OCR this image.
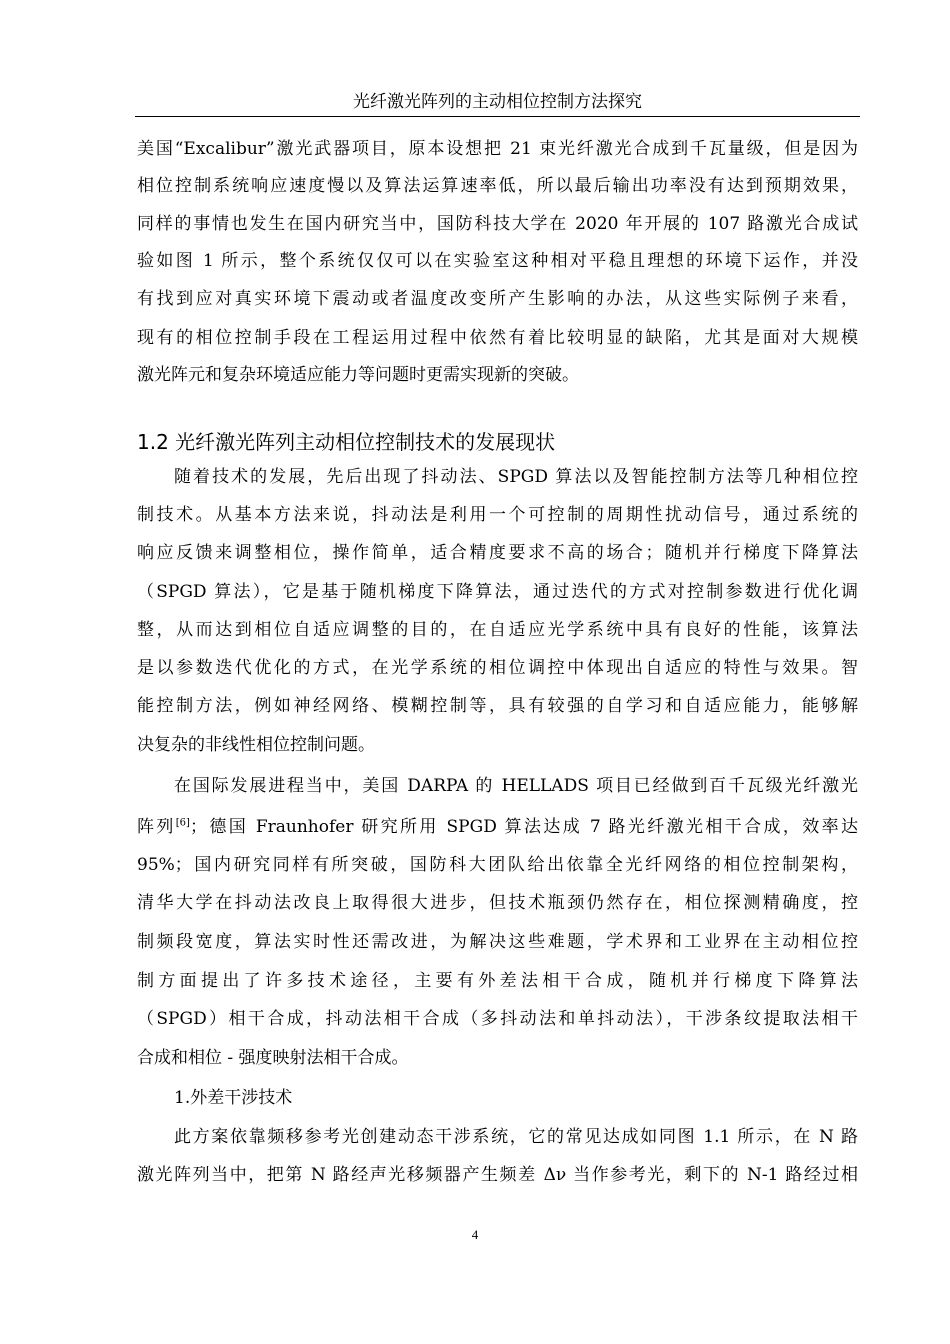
光纤激光阵列的主动相位控制方法探究
美国“Excalibur”激光武器项目，原本设想把 21 束光纤激光合成到千瓦量级，但是因为
相位控制系统响应速度慢以及算法运算速率低，所以最后输出功率没有达到预期效果，
同样的事情也发生在国内研究当中，国防科技大学在 2020 年开展的 107 路激光合成试
验如图 1 所示，整个系统仅仅可以在实验室这种相对平稳且理想的环境下运作，并没
有找到应对真实环境下震动或者温度改变所产生影响的办法，从这些实际例子来看，
现有的相位控制手段在工程运用过程中依然有着比较明显的缺陷，尤其是面对大规模
激光阵元和复杂环境适应能力等问题时更需实现新的突破。
1.2 光纤激光阵列主动相位控制技术的发展现状
随着技术的发展，先后出现了抖动法、SPGD 算法以及智能控制方法等几种相位控
制技术。从基本方法来说，抖动法是利用一个可控制的周期性扰动信号，通过系统的
响应反馈来调整相位，操作简单，适合精度要求不高的场合；随机并行梯度下降算法
（SPGD 算法），它是基于随机梯度下降算法，通过迭代的方式对控制参数进行优化调
整，从而达到相位自适应调整的目的，在自适应光学系统中具有良好的性能，该算法
是以参数迭代优化的方式，在光学系统的相位调控中体现出自适应的特性与效果。智
能控制方法，例如神经网络、模糊控制等，具有较强的自学习和自适应能力，能够解
决复杂的非线性相位控制问题。
在国际发展进程当中，美国 DARPA 的 HELLADS 项目已经做到百千瓦级光纤激光
阵列[6]；德国 Fraunhofer 研究所用 SPGD 算法达成 7 路光纤激光相干合成，效率达
95%；国内研究同样有所突破，国防科大团队给出依靠全光纤网络的相位控制架构，
清华大学在抖动法改良上取得很大进步，但技术瓶颈仍然存在，相位探测精确度，控
制频段宽度，算法实时性还需改进，为解决这些难题，学术界和工业界在主动相位控
制方面提出了许多技术途径，主要有外差法相干合成，随机并行梯度下降算法
（SPGD）相干合成，抖动法相干合成（多抖动法和单抖动法），干涉条纹提取法相干
合成和相位 - 强度映射法相干合成。
1.外差干涉技术
此方案依靠频移参考光创建动态干涉系统，它的常见达成如同图 1.1 所示，在 N 路
激光阵列当中，把第 N 路经声光移频器产生频差 Δν 当作参考光，剩下的 N-1 路经过相
4
